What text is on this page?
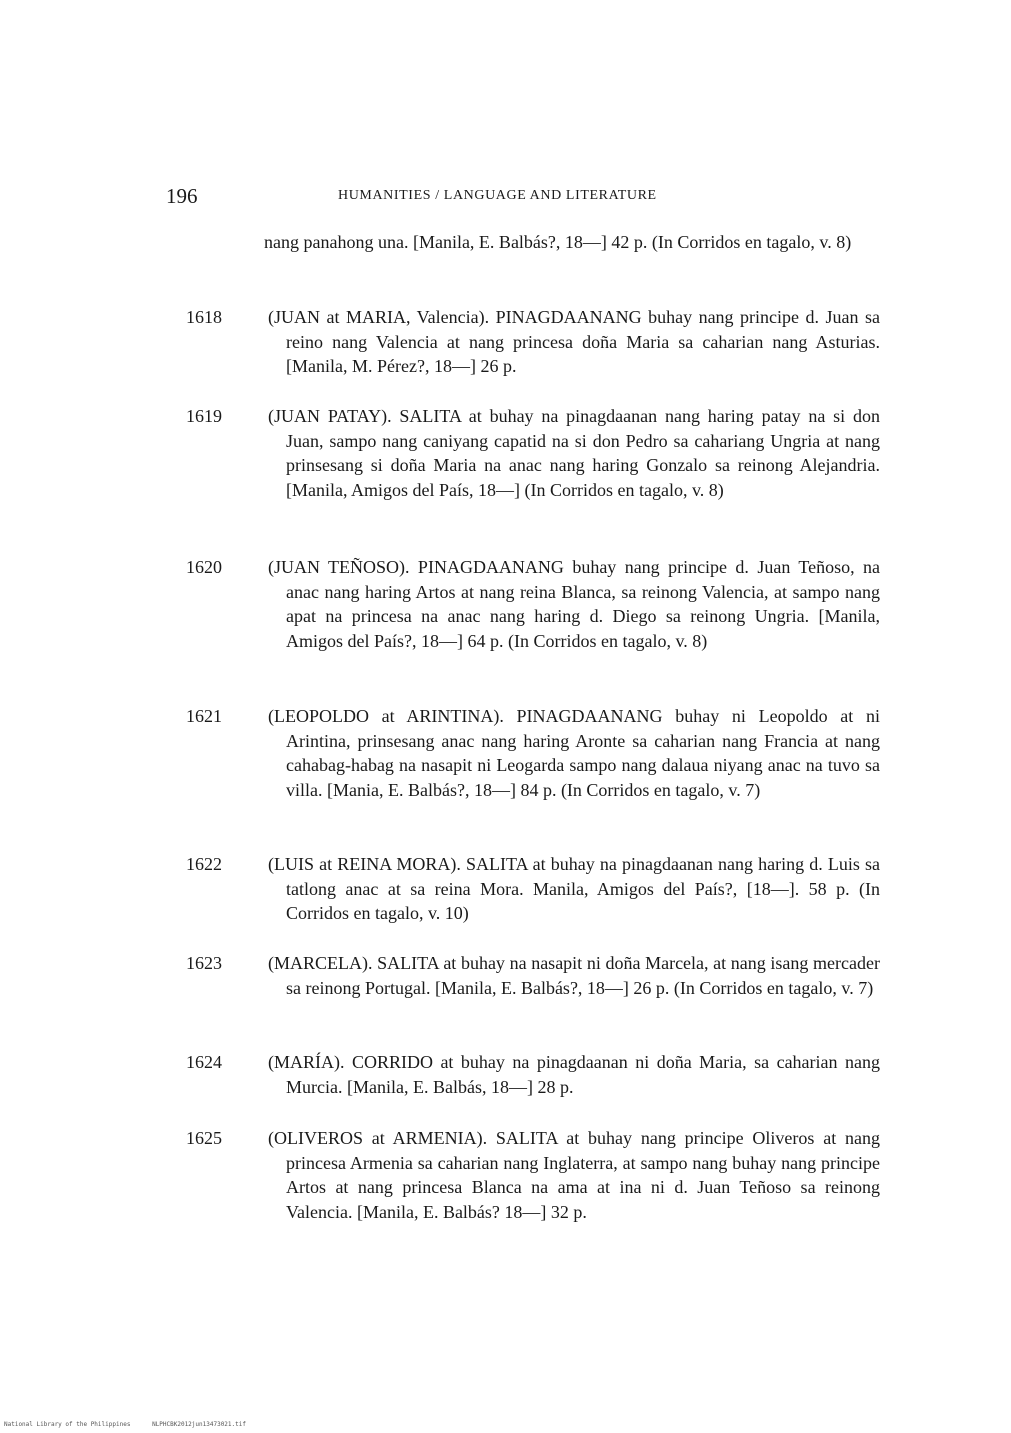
196	HUMANITIES / LANGUAGE AND LITERATURE
nang panahong una. [Manila, E. Balbás?, 18—] 42 p. (In Corridos en tagalo, v. 8)
1618	(JUAN at MARIA, Valencia). PINAGDAANANG buhay nang principe d. Juan sa reino nang Valencia at nang princesa doña Maria sa caharian nang Asturias. [Manila, M. Pérez?, 18—] 26 p.
1619	(JUAN PATAY). SALITA at buhay na pinagdaanan nang haring patay na si don Juan, sampo nang caniyang capatid na si don Pedro sa cahariang Ungria at nang prinsesang si doña Maria na anac nang haring Gonzalo sa reinong Alejandria. [Manila, Amigos del País, 18—] (In Corridos en tagalo, v. 8)
1620	(JUAN TEÑOSO). PINAGDAANANG buhay nang principe d. Juan Teñoso, na anac nang haring Artos at nang reina Blanca, sa reinong Valencia, at sampo nang apat na princesa na anac nang haring d. Diego sa reinong Ungria. [Manila, Amigos del País?, 18—] 64 p. (In Corridos en tagalo, v. 8)
1621	(LEOPOLDO at ARINTINA). PINAGDAANANG buhay ni Leopoldo at ni Arintina, prinsesang anac nang haring Aronte sa caharian nang Francia at nang cahabag-habag na nasapit ni Leogarda sampo nang dalaua niyang anac na tuvo sa villa. [Mania, E. Balbás?, 18—] 84 p. (In Corridos en tagalo, v. 7)
1622	(LUIS at REINA MORA). SALITA at buhay na pinagdaanan nang haring d. Luis sa tatlong anac at sa reina Mora. Manila, Amigos del País?, [18—]. 58 p. (In Corridos en tagalo, v. 10)
1623	(MARCELA). SALITA at buhay na nasapit ni doña Marcela, at nang isang mercader sa reinong Portugal. [Manila, E. Balbás?, 18—] 26 p. (In Corridos en tagalo, v. 7)
1624	(MARÍA). CORRIDO at buhay na pinagdaanan ni doña Maria, sa caharian nang Murcia. [Manila, E. Balbás, 18—] 28 p.
1625	(OLIVEROS at ARMENIA). SALITA at buhay nang principe Oliveros at nang princesa Armenia sa caharian nang Inglaterra, at sampo nang buhay nang principe Artos at nang princesa Blanca na ama at ina ni d. Juan Teñoso sa reinong Valencia. [Manila, E. Balbás? 18—] 32 p.
National Library of the Philippines	NLPHCBK2012jun13473021.tif
